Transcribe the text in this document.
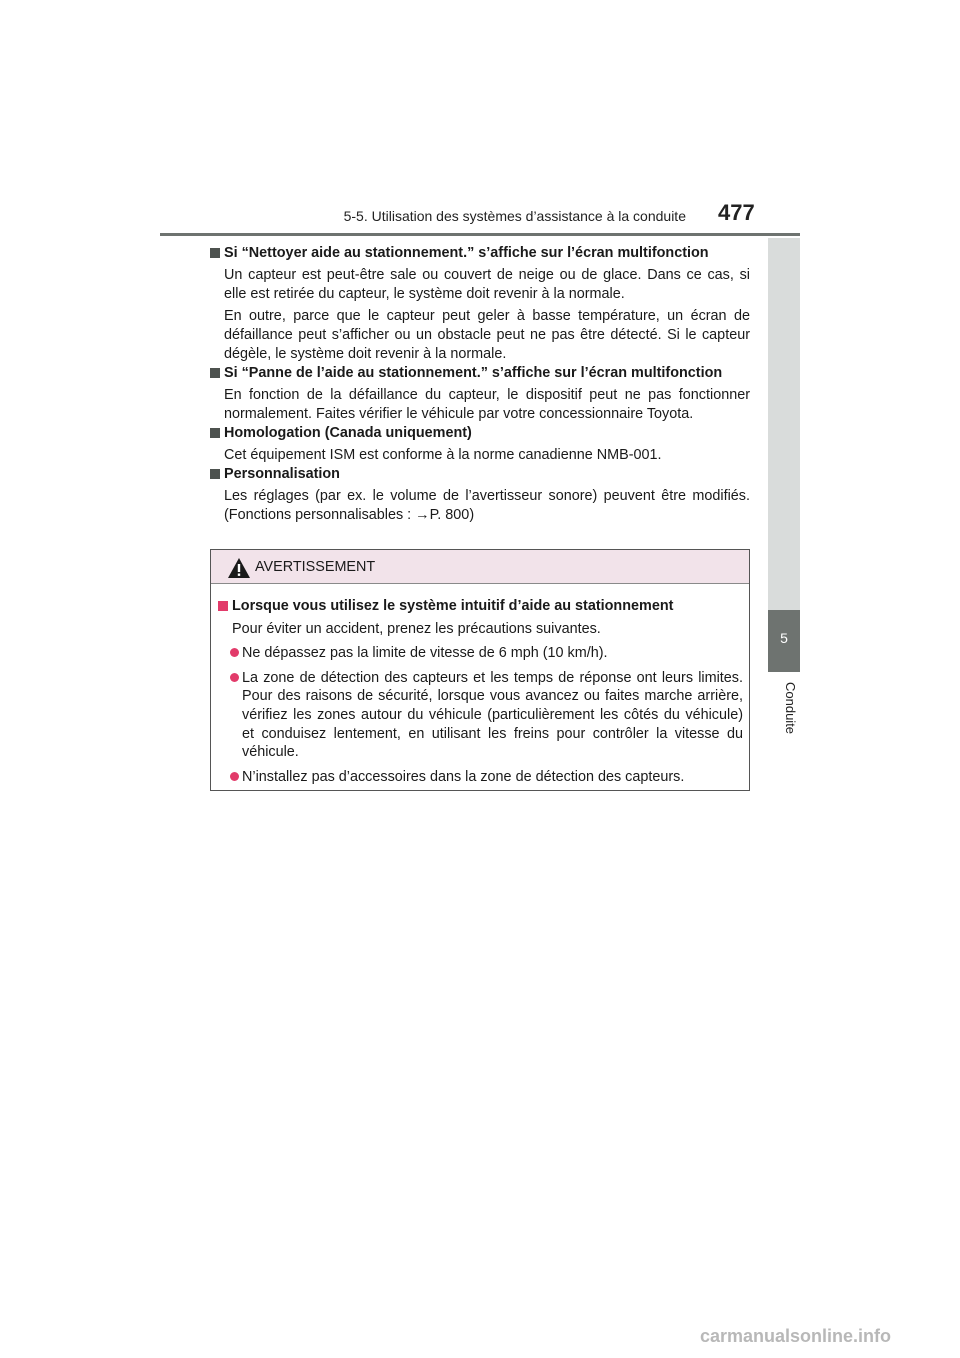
5-5. Utilisation des systèmes d’assistance à la conduite 477
5
Conduite
Si “Nettoyer aide au stationnement.” s’affiche sur l’écran multifonction
Un capteur est peut-être sale ou couvert de neige ou de glace. Dans ce cas, si elle est retirée du capteur, le système doit revenir à la normale.
En outre, parce que le capteur peut geler à basse température, un écran de défaillance peut s’afficher ou un obstacle peut ne pas être détecté. Si le capteur dégèle, le système doit revenir à la normale.
Si “Panne de l’aide au stationnement.” s’affiche sur l’écran multifonction
En fonction de la défaillance du capteur, le dispositif peut ne pas fonctionner normalement. Faites vérifier le véhicule par votre concessionnaire Toyota.
Homologation (Canada uniquement)
Cet équipement ISM est conforme à la norme canadienne NMB-001.
Personnalisation
Les réglages (par ex. le volume de l’avertisseur sonore) peuvent être modifiés. (Fonctions personnalisables : →P. 800)
AVERTISSEMENT
Lorsque vous utilisez le système intuitif d’aide au stationnement
Pour éviter un accident, prenez les précautions suivantes.
Ne dépassez pas la limite de vitesse de 6 mph (10 km/h).
La zone de détection des capteurs et les temps de réponse ont leurs limites. Pour des raisons de sécurité, lorsque vous avancez ou faites marche arrière, vérifiez les zones autour du véhicule (particulièrement les côtés du véhicule) et conduisez lentement, en utilisant les freins pour contrôler la vitesse du véhicule.
N’installez pas d’accessoires dans la zone de détection des capteurs.
carmanualsonline.info
